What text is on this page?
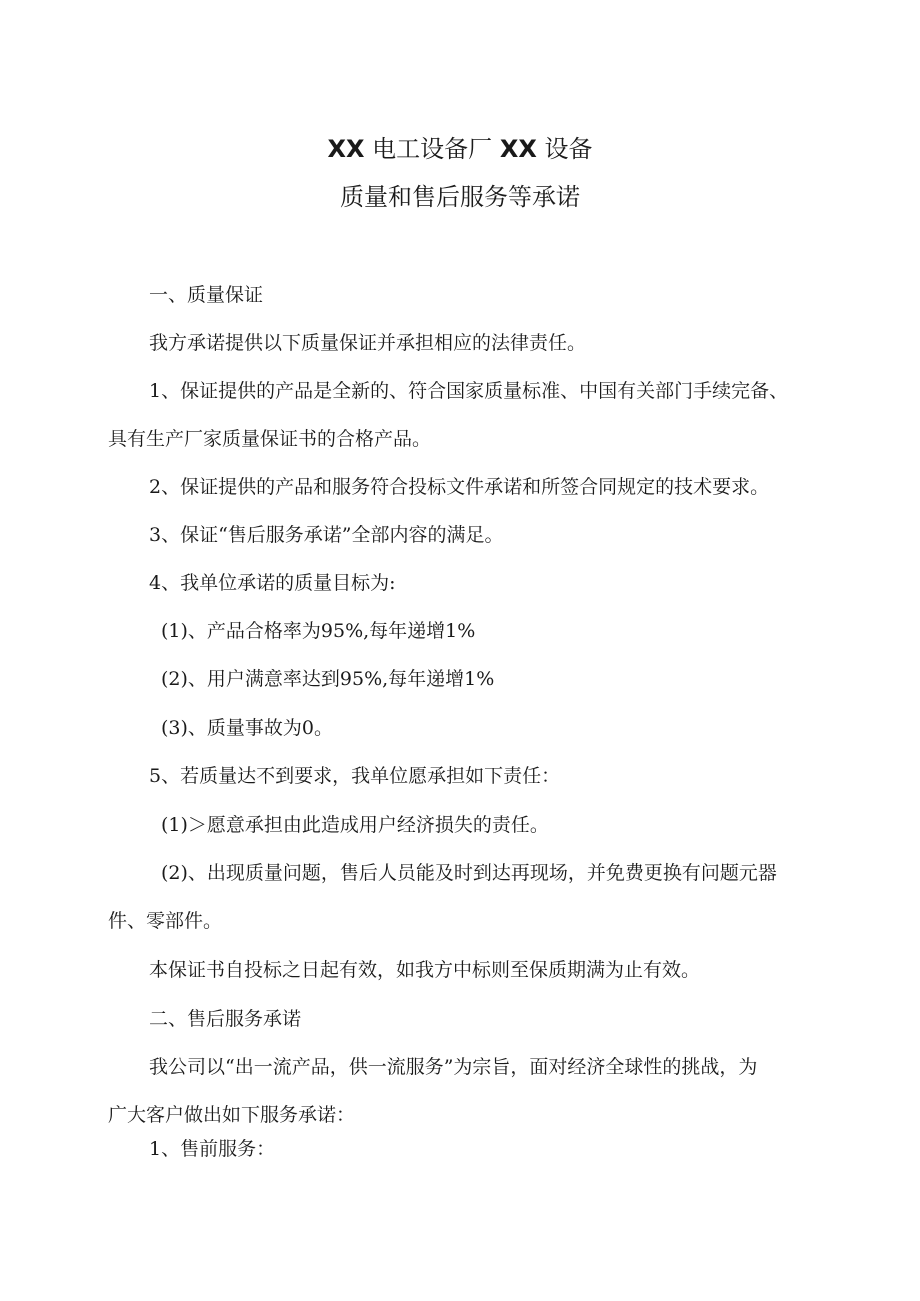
XX 电工设备厂 XX 设备
质量和售后服务等承诺
一、质量保证
我方承诺提供以下质量保证并承担相应的法律责任。
1、保证提供的产品是全新的、符合国家质量标准、中国有关部门手续完备、
具有生产厂家质量保证书的合格产品。
2、保证提供的产品和服务符合投标文件承诺和所签合同规定的技术要求。
3、保证“售后服务承诺”全部内容的满足。
4、我单位承诺的质量目标为:
(1)、产品合格率为95%,每年递增1%
(2)、用户满意率达到95%,每年递增1%
(3)、质量事故为0。
5、若质量达不到要求，我单位愿承担如下责任：
(1)＞愿意承担由此造成用户经济损失的责任。
(2)、出现质量问题，售后人员能及时到达再现场，并免费更换有问题元器
件、零部件。
本保证书自投标之日起有效，如我方中标则至保质期满为止有效。
二、售后服务承诺
我公司以“出一流产品，供一流服务”为宗旨，面对经济全球性的挑战，为
广大客户做出如下服务承诺：
1、售前服务：
